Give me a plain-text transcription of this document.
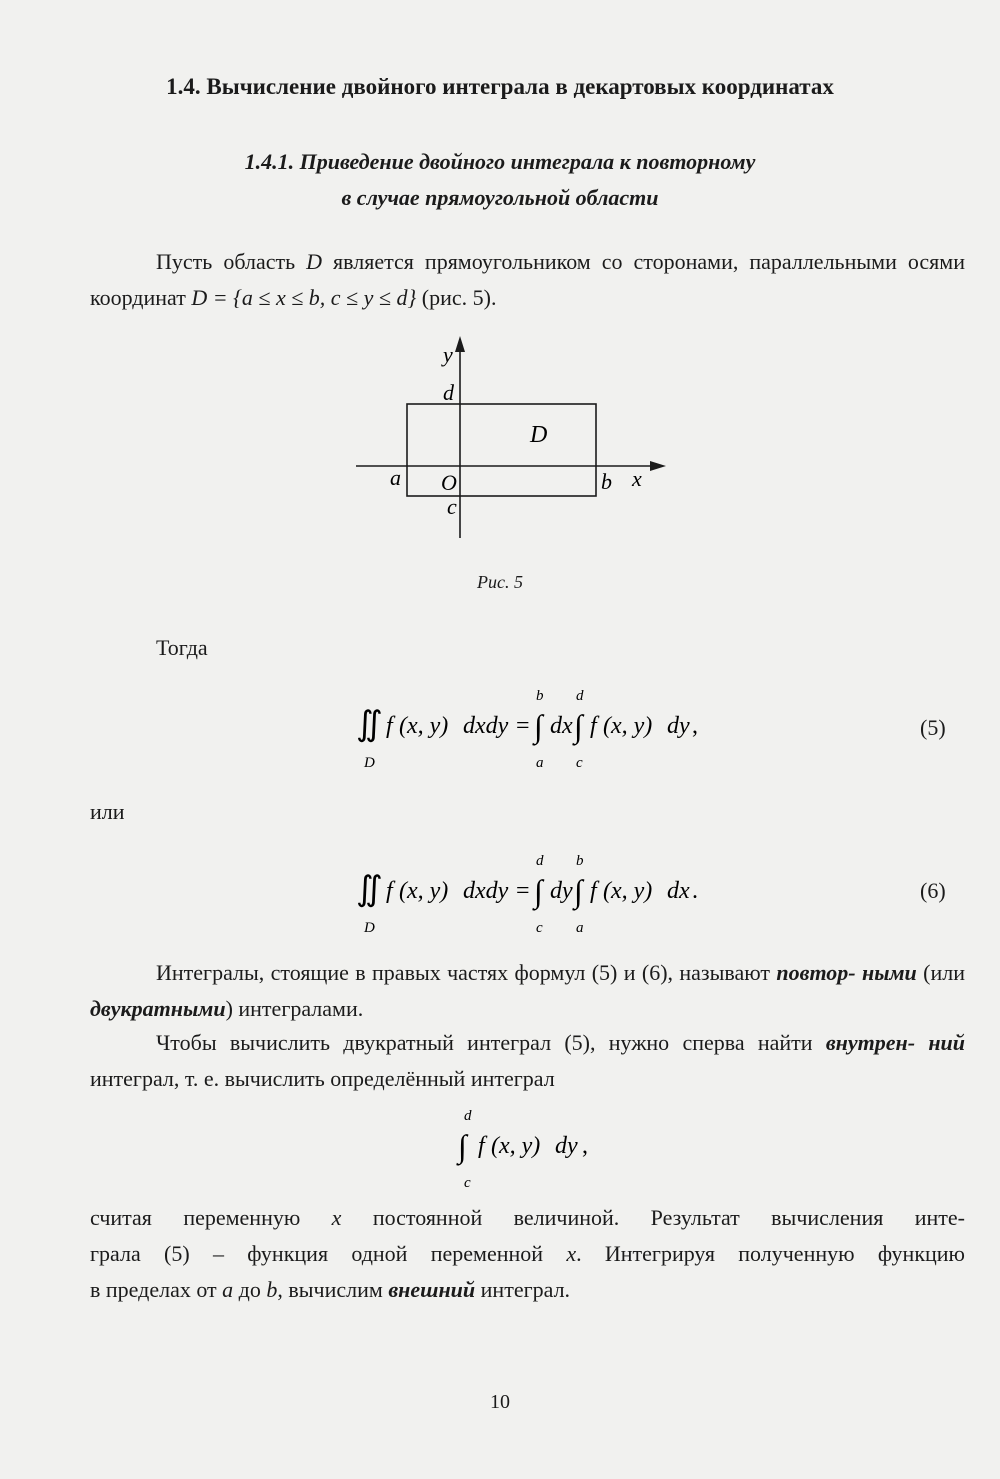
1.4. Вычисление двойного интеграла в декартовых координатах
1.4.1. Приведение двойного интеграла к повторному
в случае прямоугольной области
Пусть область D является прямоугольником со сторонами, параллельными осями координат D = {a ≤ x ≤ b, c ≤ y ≤ d} (рис. 5).
y
d
D
a O	b x
c
Рис. 5
Тогда
∬
D
f (x, y) dxdy = ∫
b
a
dx ∫
d
c
f (x, y) dy ,	(5)
или
∬
D
f (x, y) dxdy = ∫
d
c
dy ∫
b
a
f (x, y) dx .	(6)
Интегралы, стоящие в правых частях формул (5) и (6), называют повтор- ными (или двукратными) интегралами.
Чтобы вычислить двукратный интеграл (5), нужно сперва найти внутрен- ний интеграл, т. е. вычислить определённый интеграл
∫
d
c
f (x, y) dy ,
считая переменную x постоянной величиной. Результат вычисления инте-
грала (5) – функция одной переменной x. Интегрируя полученную функцию
в пределах от a до b, вычислим внешний интеграл.
10
